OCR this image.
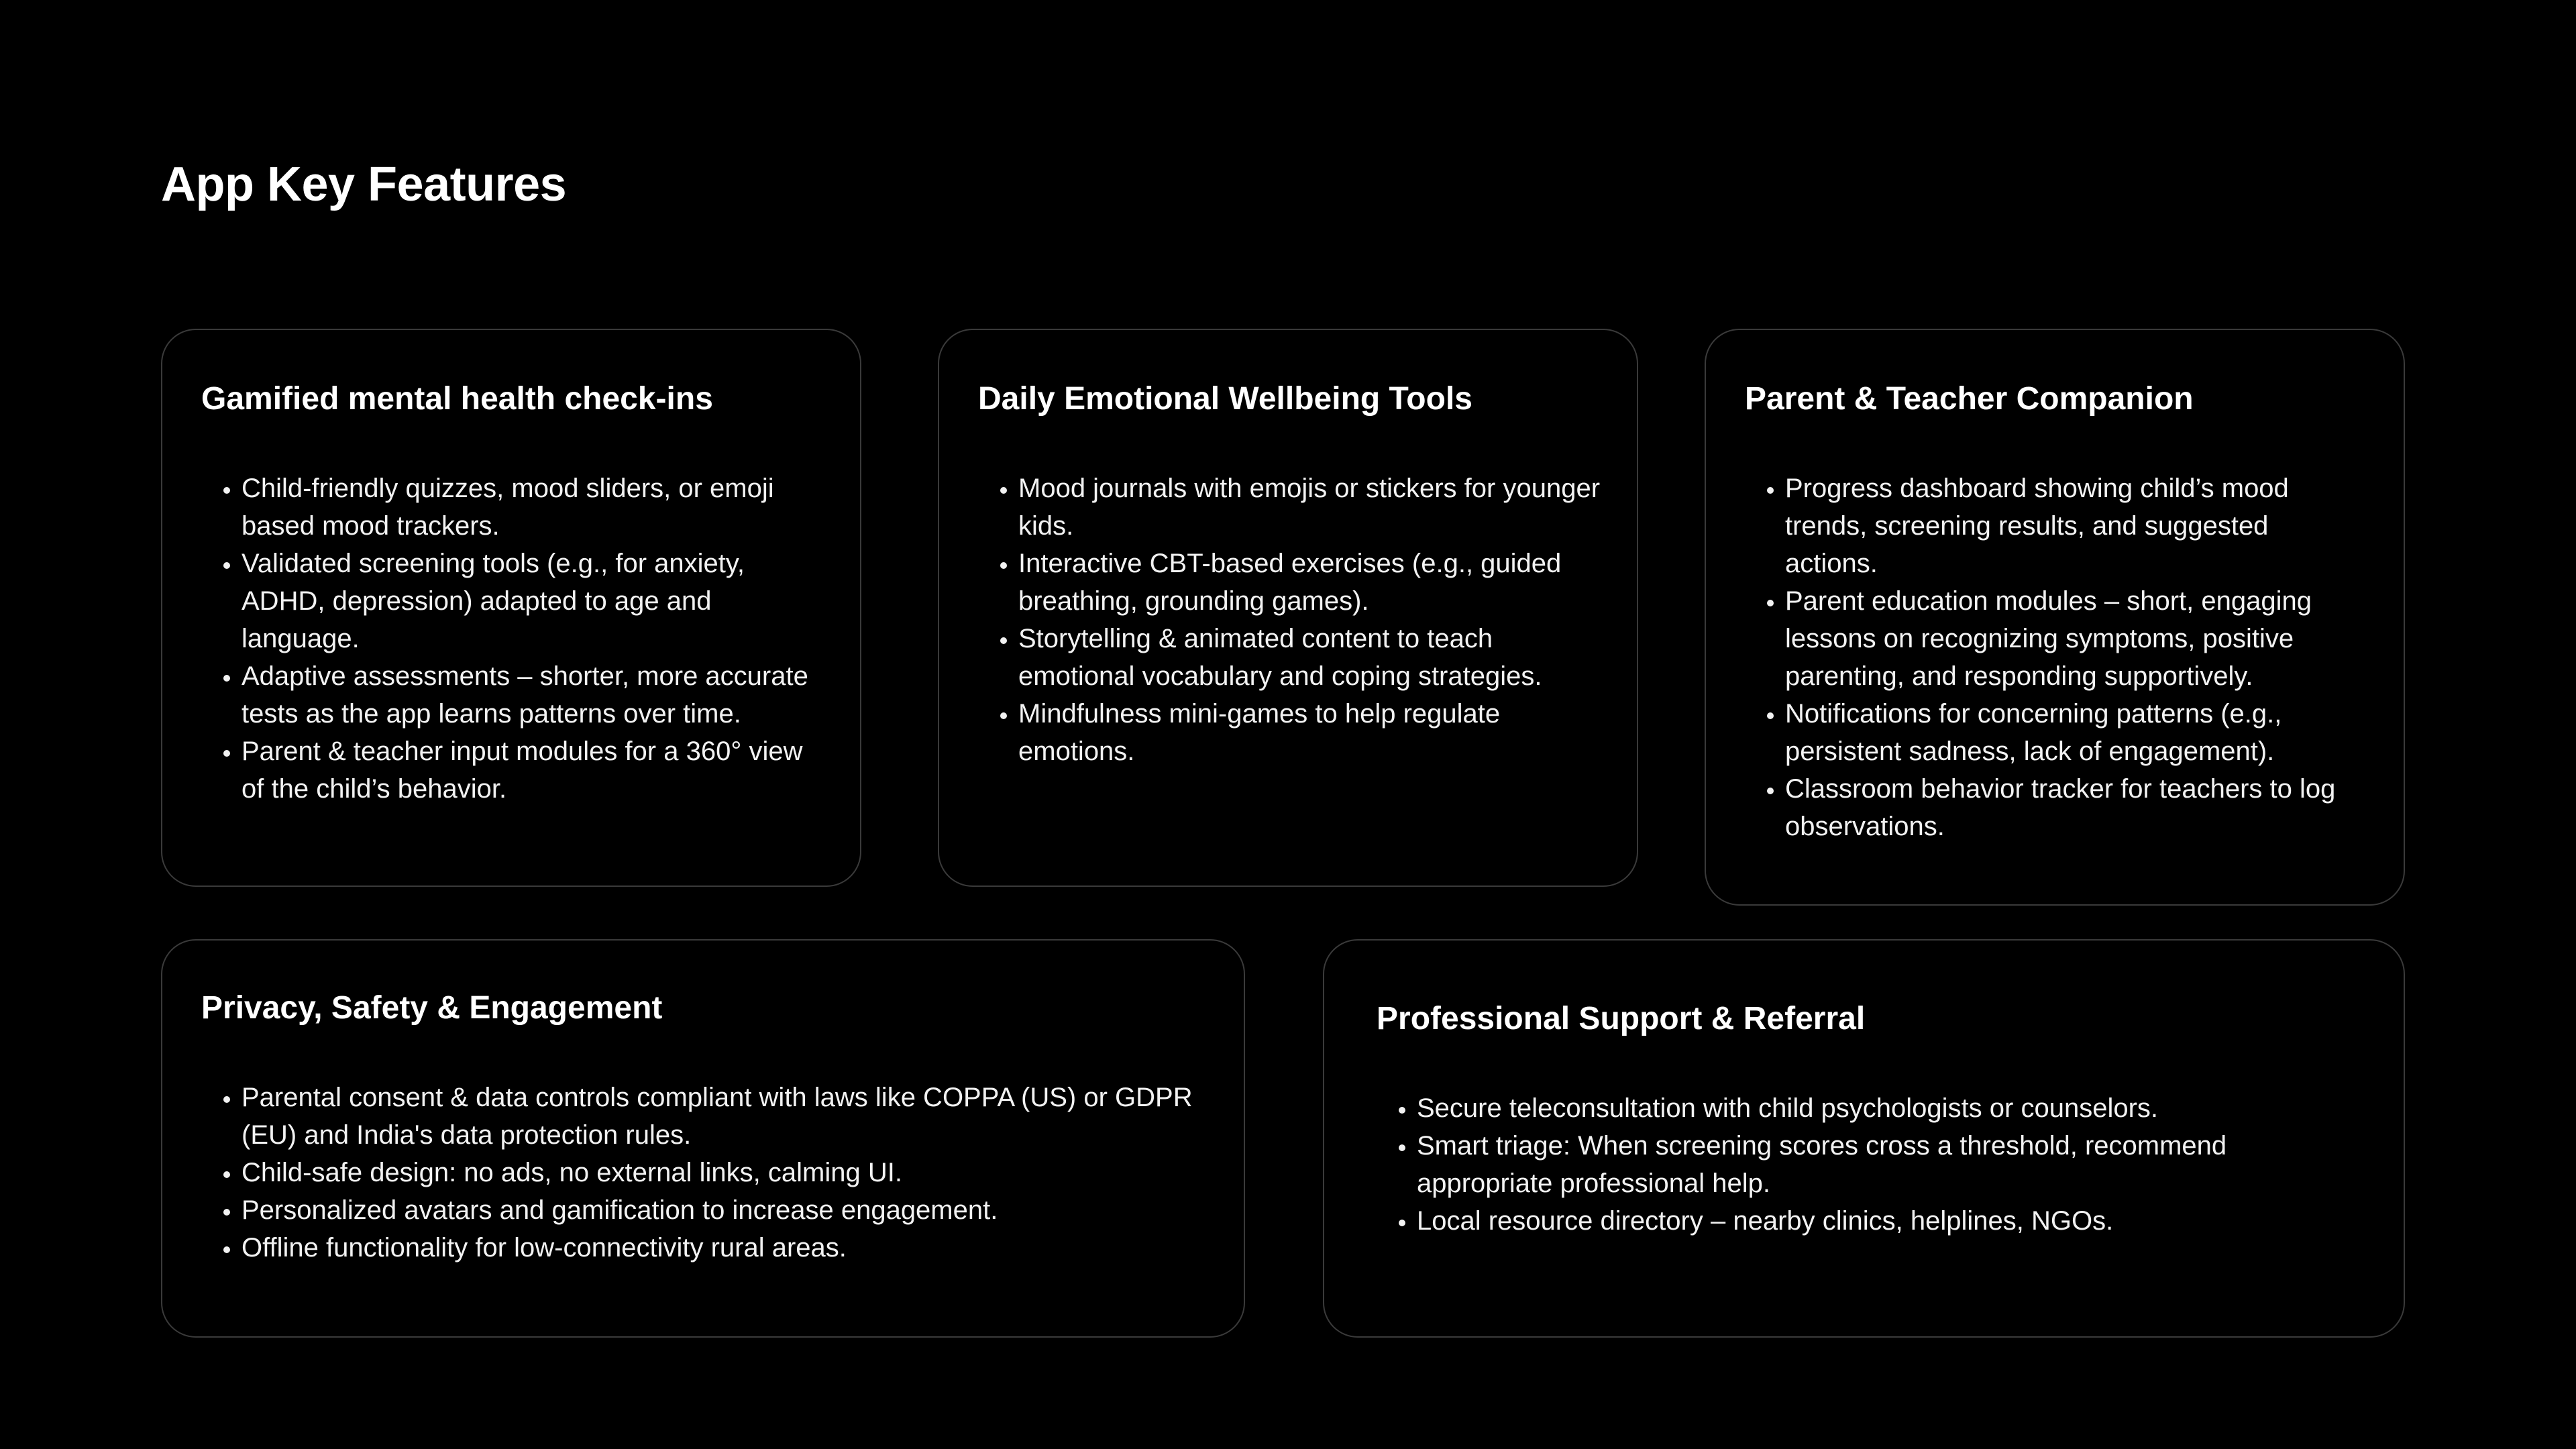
App Key Features
Gamified mental health check-ins
• Child-friendly quizzes, mood sliders, or emoji based mood trackers.
• Validated screening tools (e.g., for anxiety, ADHD, depression) adapted to age and language.
• Adaptive assessments – shorter, more accurate tests as the app learns patterns over time.
• Parent & teacher input modules for a 360° view of the child’s behavior.
Daily Emotional Wellbeing Tools
• Mood journals with emojis or stickers for younger kids.
• Interactive CBT-based exercises (e.g., guided breathing, grounding games).
• Storytelling & animated content to teach emotional vocabulary and coping strategies.
• Mindfulness mini-games to help regulate emotions.
Parent & Teacher Companion
• Progress dashboard showing child’s mood trends, screening results, and suggested actions.
• Parent education modules – short, engaging lessons on recognizing symptoms, positive parenting, and responding supportively.
• Notifications for concerning patterns (e.g., persistent sadness, lack of engagement).
• Classroom behavior tracker for teachers to log observations.
Privacy, Safety & Engagement
• Parental consent & data controls compliant with laws like COPPA (US) or GDPR (EU) and India's data protection rules.
• Child-safe design: no ads, no external links, calming UI.
• Personalized avatars and gamification to increase engagement.
• Offline functionality for low-connectivity rural areas.
Professional Support & Referral
• Secure teleconsultation with child psychologists or counselors.
• Smart triage: When screening scores cross a threshold, recommend appropriate professional help.
• Local resource directory – nearby clinics, helplines, NGOs.
